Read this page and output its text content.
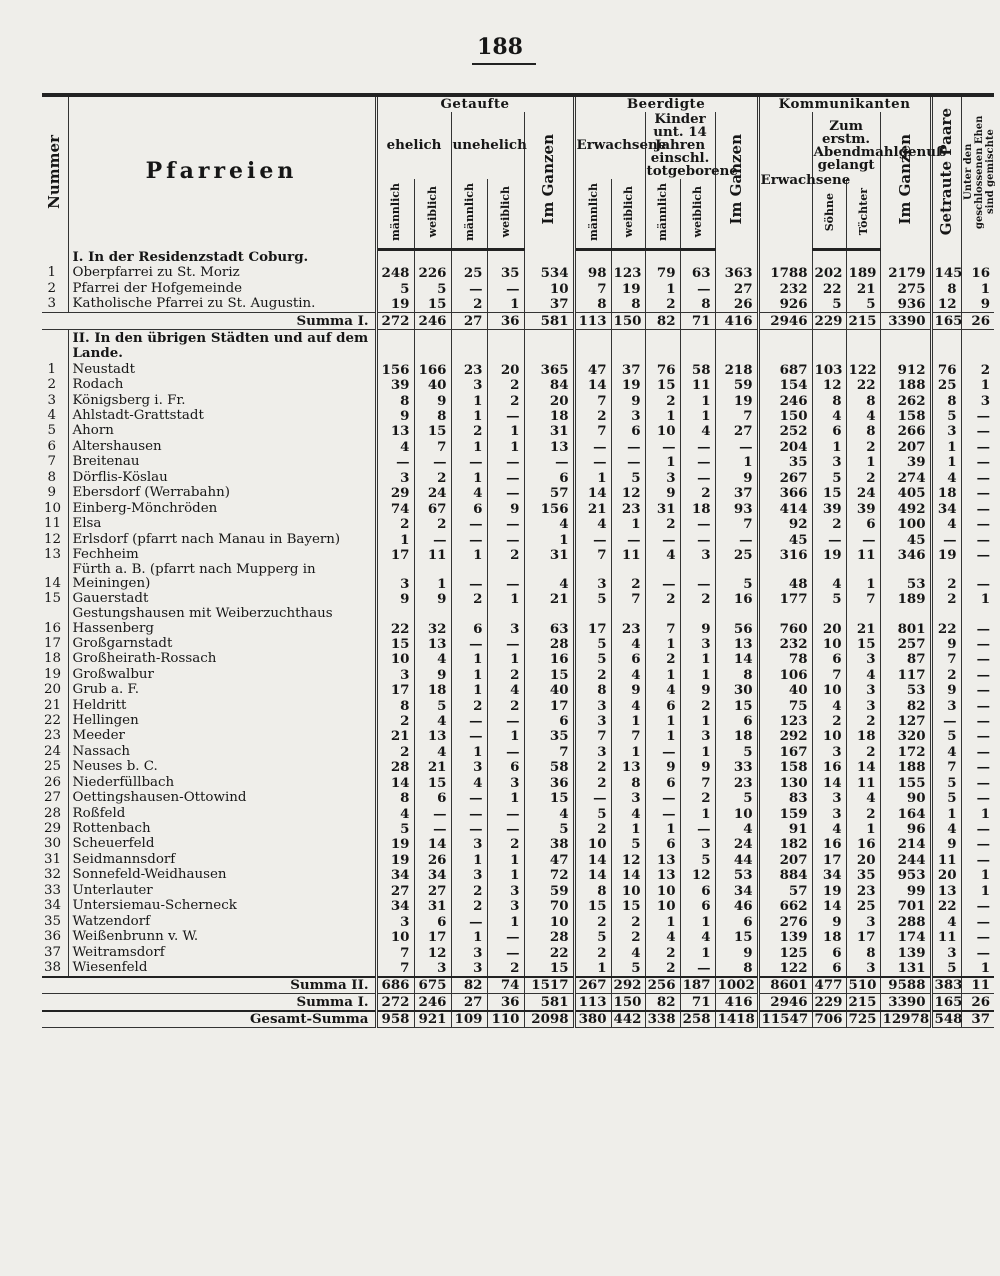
188
Nummer	Pfarreien	Getaufte					Beerdigte					Kommunikanten				Getraute Paare	Unter den geschlossenen Ehen sind gemischte
		ehelich		unehelich		Im Ganzen	Erwachsene		Kinder unt. 14 Jahren einschl. totgeborene		Im Ganzen	Erwachsene	Zum erstm. Abendmahlgenuß gelangt		Im Ganzen		
		männlich	weiblich	männlich	weiblich		männlich	weiblich	männlich	weiblich			Söhne	Töchter			
	I. In der Residenzstadt Coburg.																
1	Oberpfarrei zu St. Moriz	248	226	25	35	534	98	123	79	63	363	1788	202	189	2179	145	16
2	Pfarrei der Hofgemeinde	5	5	—	—	10	7	19	1	—	27	232	22	21	275	8	1
3	Katholische Pfarrei zu St. Augustin.	19	15	2	1	37	8	8	2	8	26	926	5	5	936	12	9
Summa I.		272	246	27	36	581	113	150	82	71	416	2946	229	215	3390	165	26
	II. In den übrigen Städten und auf dem Lande.																
1	Neustadt	156	166	23	20	365	47	37	76	58	218	687	103	122	912	76	2
2	Rodach	39	40	3	2	84	14	19	15	11	59	154	12	22	188	25	1
3	Königsberg i. Fr.	8	9	1	2	20	7	9	2	1	19	246	8	8	262	8	3
4	Ahlstadt-Grattstadt	9	8	1	—	18	2	3	1	1	7	150	4	4	158	5	—
5	Ahorn	13	15	2	1	31	7	6	10	4	27	252	6	8	266	3	—
6	Altershausen	4	7	1	1	13	—	—	—	—	—	204	1	2	207	1	—
7	Breitenau	—	—	—	—	—	—	—	1	—	1	35	3	1	39	1	—
8	Dörflis-Köslau	3	2	1	—	6	1	5	3	—	9	267	5	2	274	4	—
9	Ebersdorf (Werrabahn)	29	24	4	—	57	14	12	9	2	37	366	15	24	405	18	—
10	Einberg-Mönchröden	74	67	6	9	156	21	23	31	18	93	414	39	39	492	34	—
11	Elsa	2	2	—	—	4	4	1	2	—	7	92	2	6	100	4	—
12	Erlsdorf (pfarrt nach Manau in Bayern)	1	—	—	—	1	—	—	—	—	—	45	—	—	45	—	—
13	Fechheim	17	11	1	2	31	7	11	4	3	25	316	19	11	346	19	—
14	Fürth a. B. (pfarrt nach Mupperg in Meiningen)	3	1	—	—	4	3	2	—	—	5	48	4	1	53	2	—
15	Gauerstadt	9	9	2	1	21	5	7	2	2	16	177	5	7	189	2	1
16	Gestungshausen mit Weiberzuchthaus Hassenberg	22	32	6	3	63	17	23	7	9	56	760	20	21	801	22	—
17	Großgarnstadt	15	13	—	—	28	5	4	1	3	13	232	10	15	257	9	—
18	Großheirath-Rossach	10	4	1	1	16	5	6	2	1	14	78	6	3	87	7	—
19	Großwalbur	3	9	1	2	15	2	4	1	1	8	106	7	4	117	2	—
20	Grub a. F.	17	18	1	4	40	8	9	4	9	30	40	10	3	53	9	—
21	Heldritt	8	5	2	2	17	3	4	6	2	15	75	4	3	82	3	—
22	Hellingen	2	4	—	—	6	3	1	1	1	6	123	2	2	127	—	—
23	Meeder	21	13	—	1	35	7	7	1	3	18	292	10	18	320	5	—
24	Nassach	2	4	1	—	7	3	1	—	1	5	167	3	2	172	4	—
25	Neuses b. C.	28	21	3	6	58	2	13	9	9	33	158	16	14	188	7	—
26	Niederfüllbach	14	15	4	3	36	2	8	6	7	23	130	14	11	155	5	—
27	Oettingshausen-Ottowind	8	6	—	1	15	—	3	—	2	5	83	3	4	90	5	—
28	Roßfeld	4	—	—	—	4	5	4	—	1	10	159	3	2	164	1	1
29	Rottenbach	5	—	—	—	5	2	1	1	—	4	91	4	1	96	4	—
30	Scheuerfeld	19	14	3	2	38	10	5	6	3	24	182	16	16	214	9	—
31	Seidmannsdorf	19	26	1	1	47	14	12	13	5	44	207	17	20	244	11	—
32	Sonnefeld-Weidhausen	34	34	3	1	72	14	14	13	12	53	884	34	35	953	20	1
33	Unterlauter	27	27	2	3	59	8	10	10	6	34	57	19	23	99	13	1
34	Untersiemau-Scherneck	34	31	2	3	70	15	15	10	6	46	662	14	25	701	22	—
35	Watzendorf	3	6	—	1	10	2	2	1	1	6	276	9	3	288	4	—
36	Weißenbrunn v. W.	10	17	1	—	28	5	2	4	4	15	139	18	17	174	11	—
37	Weitramsdorf	7	12	3	—	22	2	4	2	1	9	125	6	8	139	3	—
38	Wiesenfeld	7	3	3	2	15	1	5	2	—	8	122	6	3	131	5	1
Summa II.		686	675	82	74	1517	267	292	256	187	1002	8601	477	510	9588	383	11
Summa I.		272	246	27	36	581	113	150	82	71	416	2946	229	215	3390	165	26
Gesamt-Summa		958	921	109	110	2098	380	442	338	258	1418	11547	706	725	12978	548	37
